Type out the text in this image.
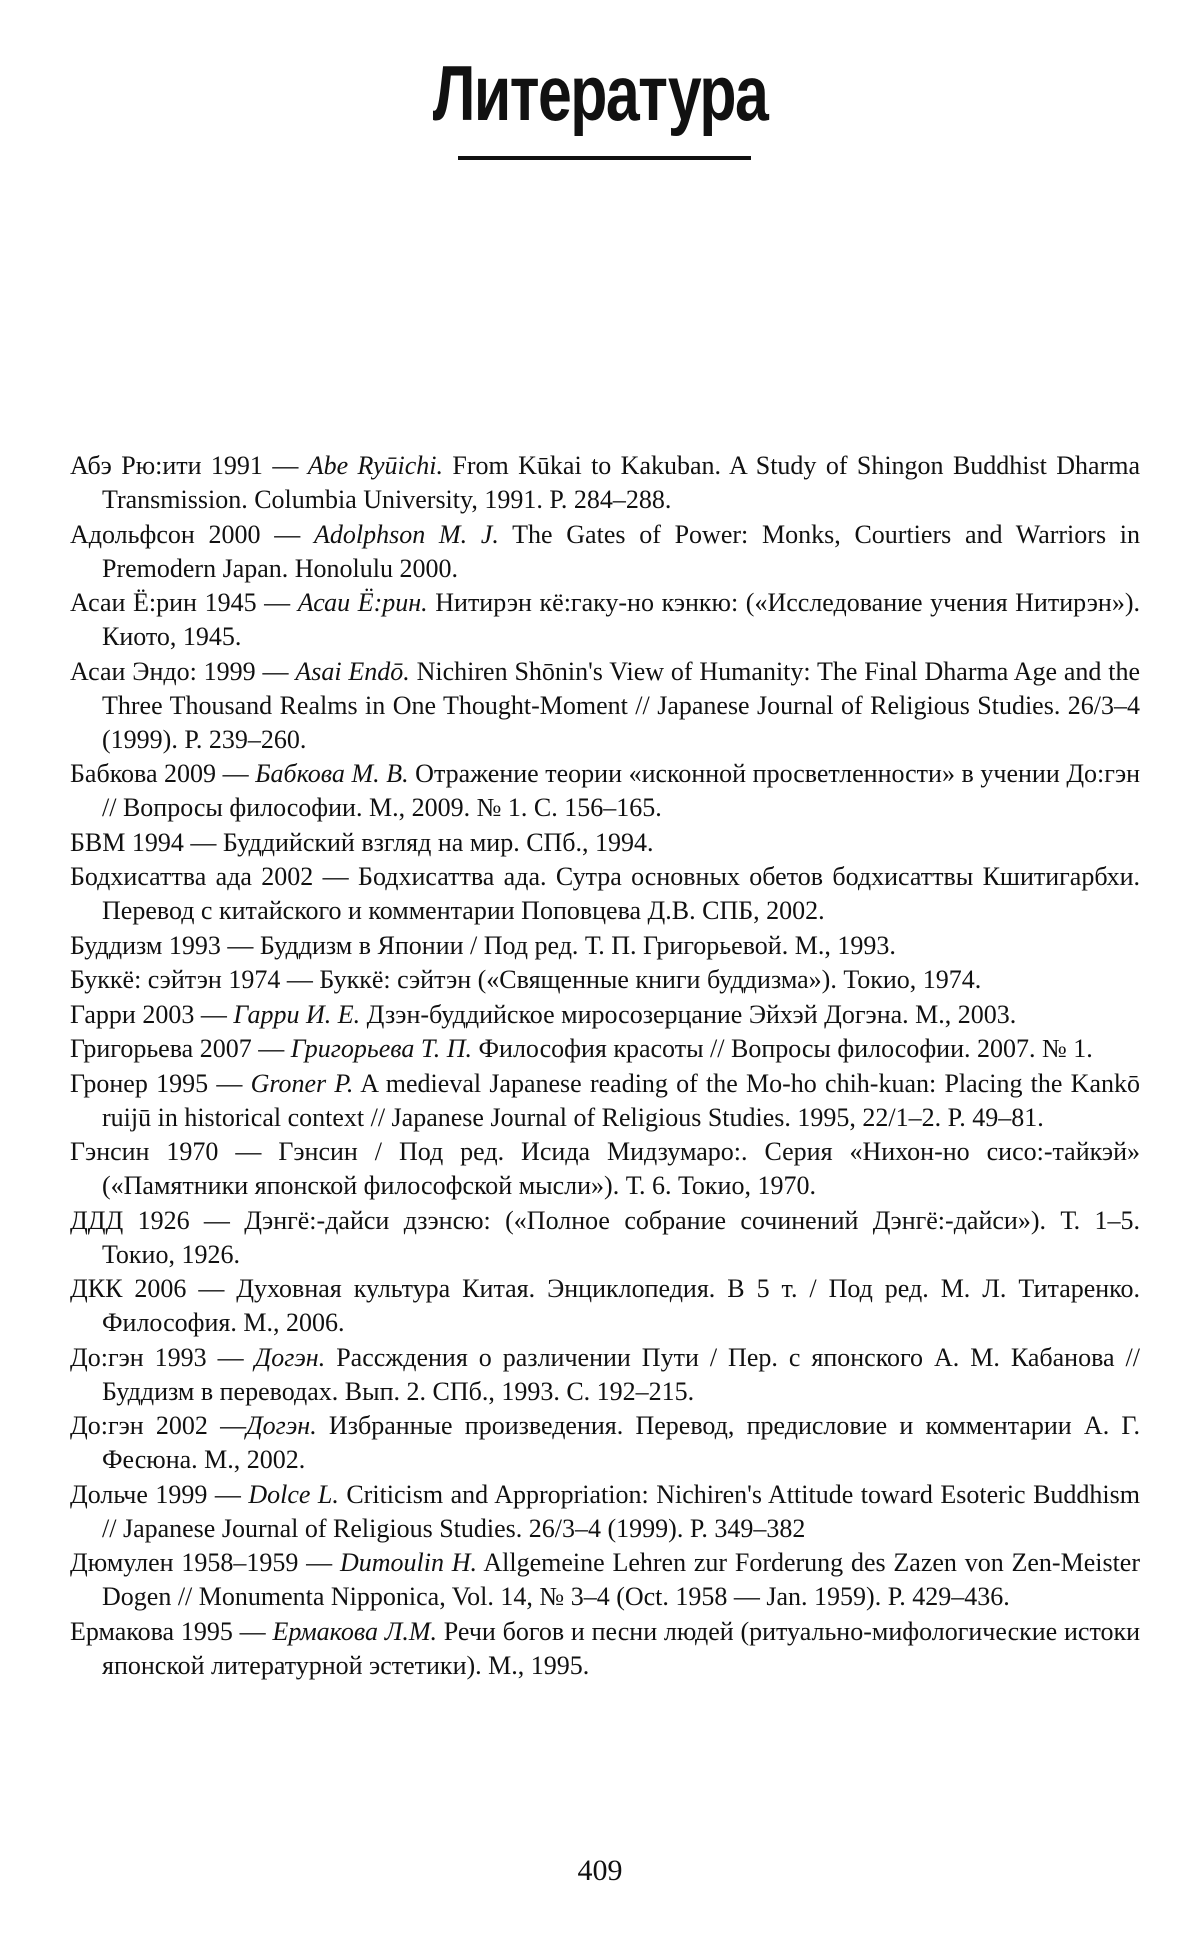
Литература
Абэ Рю:ити 1991 — Abe Ryūichi. From Kūkai to Kakuban. A Study of Shingon Buddhist Dharma Transmission. Columbia University, 1991. P. 284–288.
Адольфсон 2000 — Adolphson M. J. The Gates of Power: Monks, Courtiers and Warriors in Premodern Japan. Honolulu 2000.
Асаи Ё:рин 1945 — Асаи Ё:рин. Нитирэн кё:гаку-но кэнкю: («Исследование учения Нитирэн»). Киото, 1945.
Асаи Эндо: 1999 — Asai Endō. Nichiren Shōnin's View of Humanity: The Final Dharma Age and the Three Thousand Realms in One Thought-Moment // Japanese Journal of Religious Studies. 26/3–4 (1999). P. 239–260.
Бабкова 2009 — Бабкова М. В. Отражение теории «исконной просветленности» в учении До:гэн // Вопросы философии. М., 2009. № 1. С. 156–165.
БВМ 1994 — Буддийский взгляд на мир. СПб., 1994.
Бодхисаттва ада 2002 — Бодхисаттва ада. Сутра основных обетов бодхисаттвы Кшитигарбхи. Перевод с китайского и комментарии Поповцева Д.В. СПБ, 2002.
Буддизм 1993 — Буддизм в Японии / Под ред. Т. П. Григорьевой. М., 1993.
Буккё: сэйтэн 1974 — Буккё: сэйтэн («Священные книги буддизма»). Токио, 1974.
Гарри 2003 — Гарри И. Е. Дзэн-буддийское миросозерцание Эйхэй Догэна. М., 2003.
Григорьева 2007 — Григорьева Т. П. Философия красоты // Вопросы философии. 2007. № 1.
Гронер 1995 — Groner P. A medieval Japanese reading of the Mo-ho chih-kuan: Placing the Kankō ruijū in historical context // Japanese Journal of Religious Studies. 1995, 22/1–2. P. 49–81.
Гэнсин 1970 — Гэнсин / Под ред. Исида Мидзумаро:. Серия «Нихон-но сисо:-тайкэй» («Памятники японской философской мысли»). Т. 6. Токио, 1970.
ДДД 1926 — Дэнгё:-дайси дзэнсю: («Полное собрание сочинений Дэнгё:-дайси»). Т. 1–5. Токио, 1926.
ДКК 2006 — Духовная культура Китая. Энциклопедия. В 5 т. / Под ред. М. Л. Титаренко. Философия. М., 2006.
До:гэн 1993 — Догэн. Рассждения о различении Пути / Пер. с японского А. М. Кабанова // Буддизм в переводах. Вып. 2. СПб., 1993. С. 192–215.
До:гэн 2002 —Догэн. Избранные произведения. Перевод, предисловие и комментарии А. Г. Фесюна. М., 2002.
Дольче 1999 — Dolce L. Criticism and Appropriation: Nichiren's Attitude toward Esoteric Buddhism // Japanese Journal of Religious Studies. 26/3–4 (1999). P. 349–382
Дюмулен 1958–1959 — Dumoulin H. Allgemeine Lehren zur Forderung des Zazen von Zen-Meister Dogen // Monumenta Nipponica, Vol. 14, № 3–4 (Oct. 1958 — Jan. 1959). P. 429–436.
Ермакова 1995 — Ермакова Л.М. Речи богов и песни людей (ритуально-мифологические истоки японской литературной эстетики). М., 1995.
409
